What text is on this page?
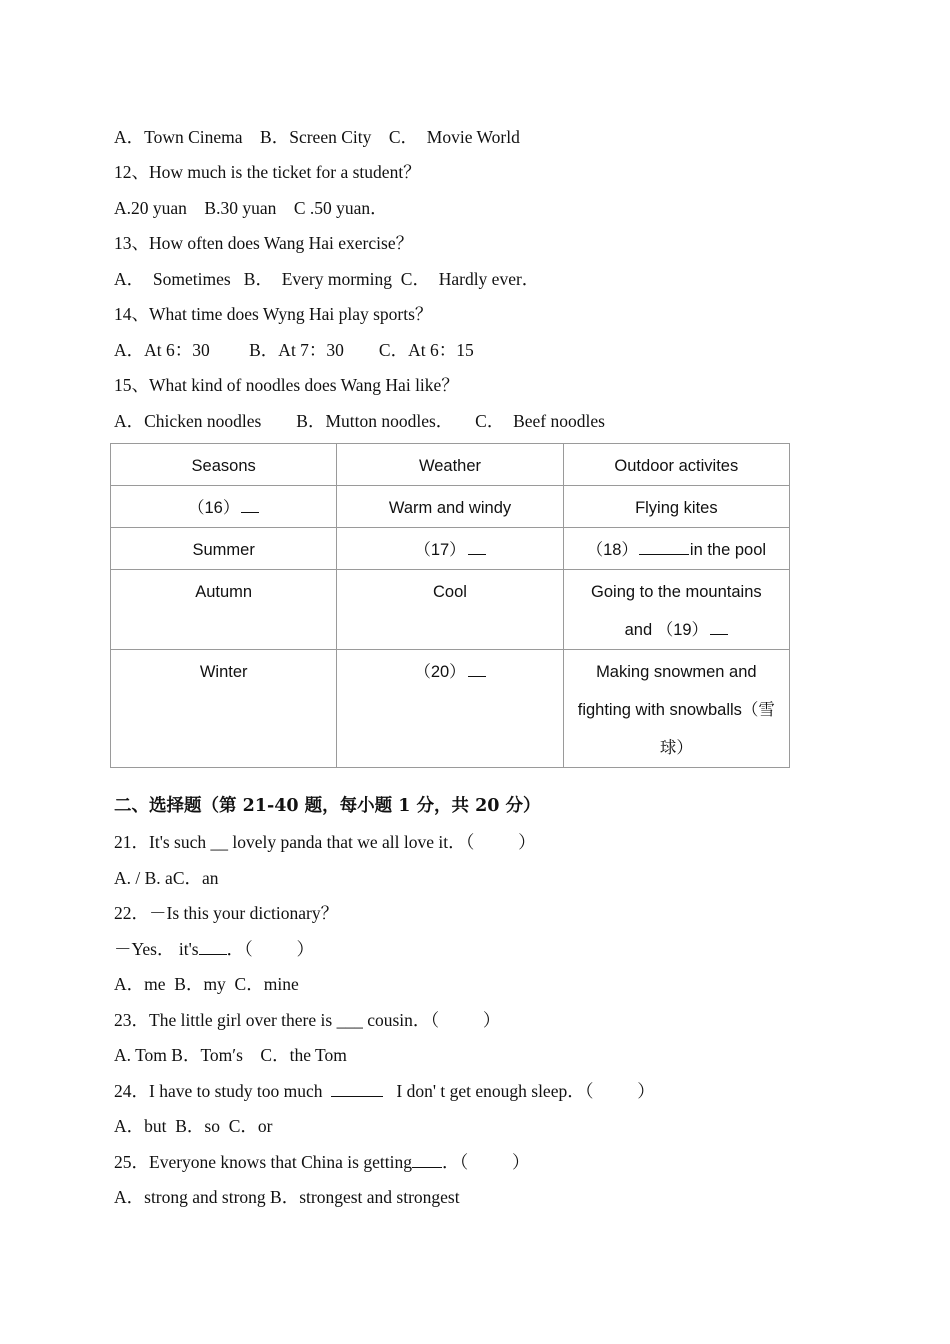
A．Town Cinema    B．Screen City    C．  Movie World
12、How much is the ticket for a student？
A.20 yuan    B.30 yuan    C .50 yuan．
13、How often does Wang Hai exercise？
A．  Sometimes   B．  Every morming  C．  Hardly ever．
14、What time does Wyng Hai play sports？
A．At 6：30         B．At 7：30        C．At 6：15
15、What kind of noodles does Wang Hai like？
A．Chicken noodles        B．Mutton noodles．     C．  Beef noodles
Seasons	Weather	Outdoor activites
（16）	Warm and windy	Flying kites
Summer	（17）	（18） in the pool
Autumn	Cool	Going to the mountains
and （19）

Winter	（20）	Making snowmen and
fighting with snowballs（雪
球）
二、选择题（第 21-40 题，每小题 1 分，共 20 分）
21．It's such __ lovely panda that we all love it．（          ）
A. / B. aC．an
22．－Is this your dictionary？
－Yes． it's ．（          ）
A．me  B．my  C．mine
23．The little girl over there is ___ cousin．（          ）
A. Tom B．Tom′s    C．the Tom
24．I have to study too much	I don' t get enough sleep．（          ）
A．but  B．so  C．or
25．Everyone knows that China is getting ．（          ）
A．strong and strong B．strongest and strongest
